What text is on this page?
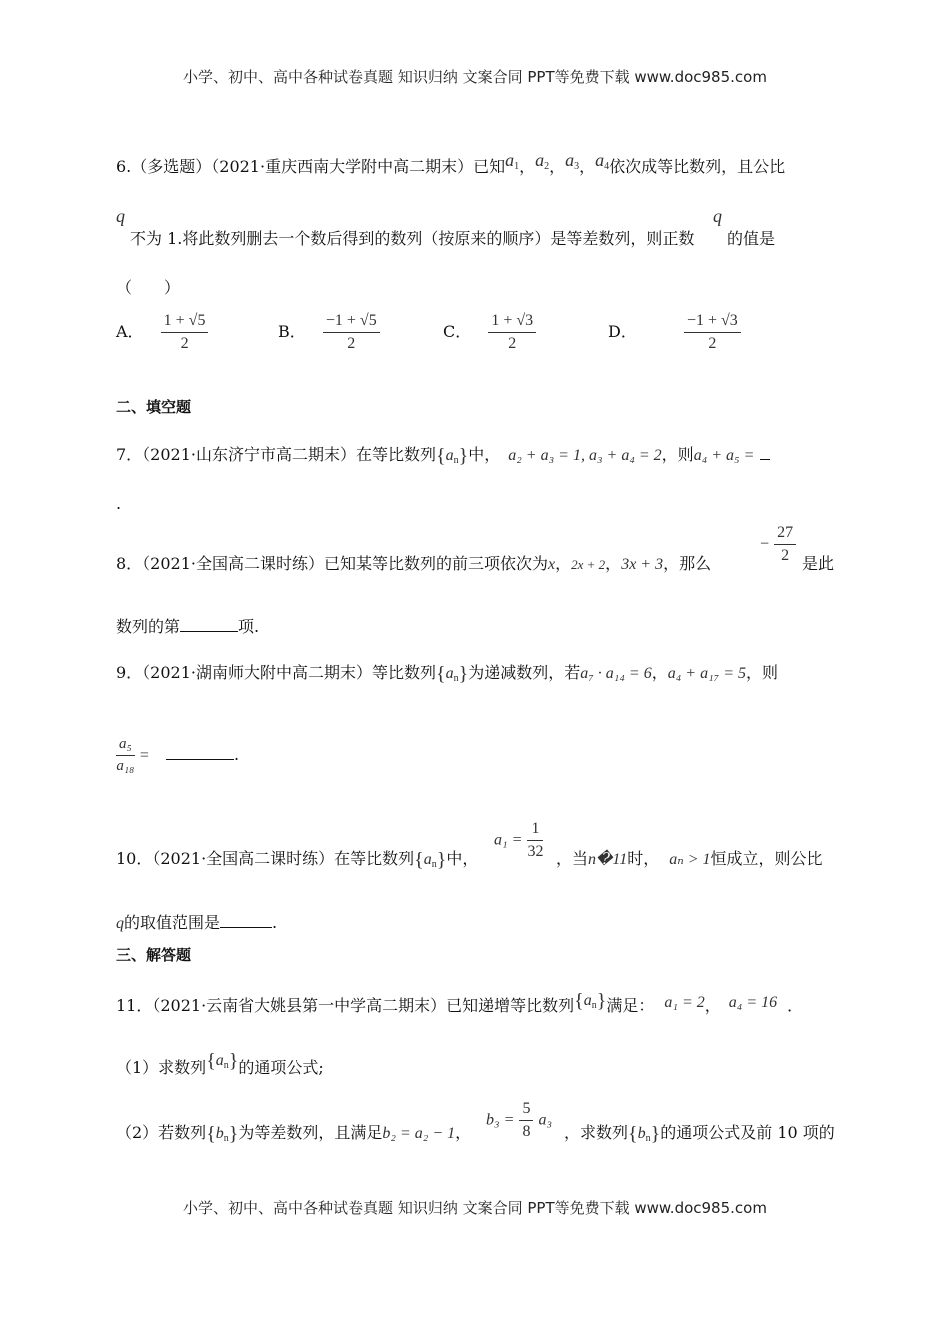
小学、初中、高中各种试卷真题 知识归纳 文案合同 PPT等免费下载 www.doc985.com
小学、初中、高中各种试卷真题 知识归纳 文案合同 PPT等免费下载 www.doc985.com
6.（多选题）（2021·重庆西南大学附中高二期末）已知$a_1$，$a_2$，$a_3$，$a_4$依次成等比数列，且公比
q
不为 1.将此数列删去一个数后得到的数列（按原来的顺序）是等差数列，则正数
q
的值是
（　　）
A． $\frac{1 + √5}{2}$	B． $\frac{-1 + √5}{2}$	C． $\frac{1 + √3}{2}$	D．	$\frac{-1 + √3}{2}$
二、填空题
7．（2021·山东济宁市高二期末）在等比数列$\{a_n\}$中， a₂ + a₃ = 1, a₃ + a₄ = 2，则a₄ + a₅ =
.
8．（2021·全国高二课时练）已知某等比数列的前三项依次为x，2x + 2，3x + 3，那么
− $\frac{27}{2}$ 是此
数列的第	项.
9．（2021·湖南师大附中高二期末）等比数列$\{a_n\}$为递减数列，若a₇ · a₁₄ = 6，a₄ + a₁₇ = 5，则
$\frac{\text{a₅}}{\text{a₁₈}}$ =	.
10．（2021·全国高二课时练）在等比数列$\{a_n\}$中，
$a_1 = \frac{1}{32}$ ，当n�11时， aₙ > 1恒成立，则公比
q的取值范围是	.
三、解答题
11．（2021·云南省大姚县第一中学高二期末）已知递增等比数列$\{a_n\}$满足： a₁ = 2， a₄ = 16 ．
（1）求数列$\{a_n\}$的通项公式;
（2）若数列$\{b_n\}$为等差数列，且满足b₂ = a₂ − 1，
$b_3 = \frac{5}{8} a_3$
，求数列$\{b_n\}$的通项公式及前 10 项的
